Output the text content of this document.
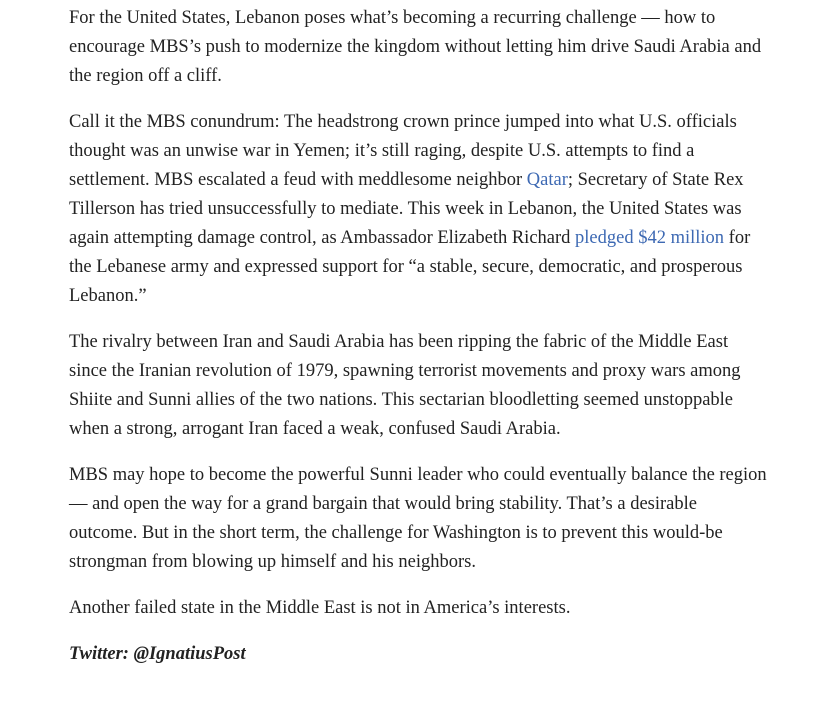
For the United States, Lebanon poses what’s becoming a recurring challenge — how to encourage MBS’s push to modernize the kingdom without letting him drive Saudi Arabia and the region off a cliff.

Call it the MBS conundrum: The headstrong crown prince jumped into what U.S. officials thought was an unwise war in Yemen; it’s still raging, despite U.S. attempts to find a settlement. MBS escalated a feud with meddlesome neighbor Qatar; Secretary of State Rex Tillerson has tried unsuccessfully to mediate. This week in Lebanon, the United States was again attempting damage control, as Ambassador Elizabeth Richard pledged $42 million for the Lebanese army and expressed support for “a stable, secure, democratic, and prosperous Lebanon.”

The rivalry between Iran and Saudi Arabia has been ripping the fabric of the Middle East since the Iranian revolution of 1979, spawning terrorist movements and proxy wars among Shiite and Sunni allies of the two nations. This sectarian bloodletting seemed unstoppable when a strong, arrogant Iran faced a weak, confused Saudi Arabia.

MBS may hope to become the powerful Sunni leader who could eventually balance the region — and open the way for a grand bargain that would bring stability. That’s a desirable outcome. But in the short term, the challenge for Washington is to prevent this would-be strongman from blowing up himself and his neighbors.

Another failed state in the Middle East is not in America’s interests.

Twitter: @IgnatiusPost
